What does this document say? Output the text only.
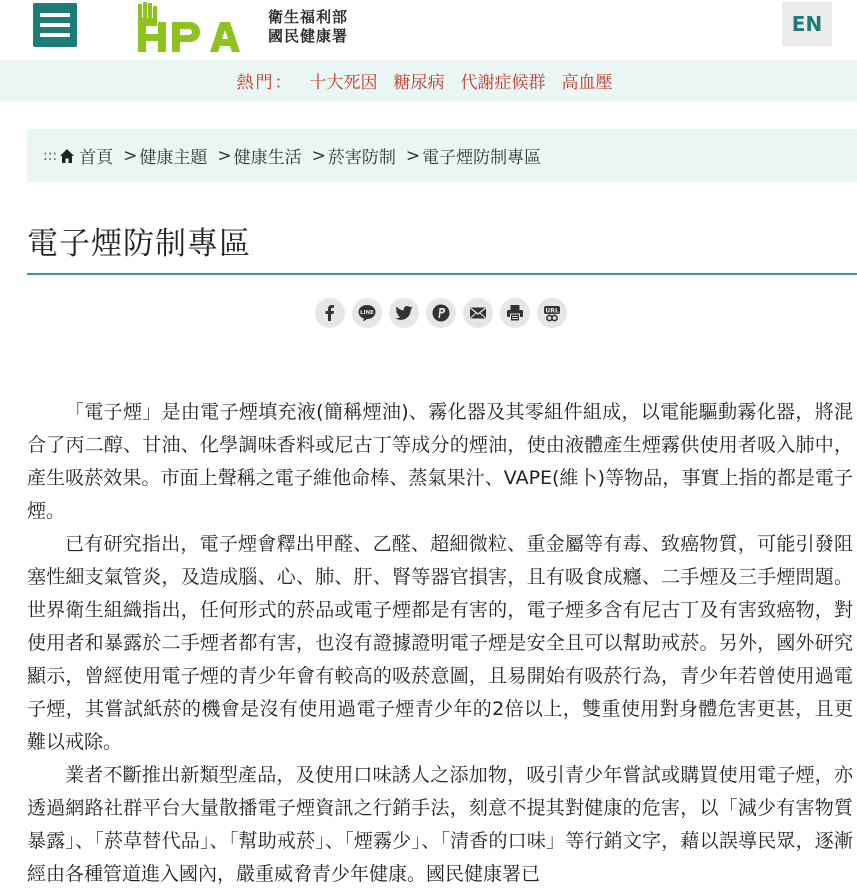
衛生福利部
國民健康署	EN
熱門： 十大死因 糖尿病 代謝症候群 高血壓
::: 首頁 > 健康主題 > 健康生活 > 菸害防制 > 電子煙防制專區
電子煙防制專區
LINE	URL

「電子煙」是由電子煙填充液(簡稱煙油)、霧化器及其零組件組成，以電能驅動霧化器，將混合了丙二醇、甘油、化學調味香料或尼古丁等成分的煙油，使由液體產生煙霧供使用者吸入肺中，產生吸菸效果。市面上聲稱之電子維他命棒、蒸氣果汁、VAPE(維卜)等物品，事實上指的都是電子煙。

已有研究指出，電子煙會釋出甲醛、乙醛、超細微粒、重金屬等有毒、致癌物質，可能引發阻塞性細支氣管炎，及造成腦、心、肺、肝、腎等器官損害，且有吸食成癮、二手煙及三手煙問題。世界衛生組織指出，任何形式的菸品或電子煙都是有害的，電子煙多含有尼古丁及有害致癌物，對使用者和暴露於二手煙者都有害，也沒有證據證明電子煙是安全且可以幫助戒菸。另外，國外研究顯示，曾經使用電子煙的青少年會有較高的吸菸意圖，且易開始有吸菸行為，青少年若曾使用過電子煙，其嘗試紙菸的機會是沒有使用過電子煙青少年的2倍以上，雙重使用對身體危害更甚，且更難以戒除。

業者不斷推出新類型產品，及使用口味誘人之添加物，吸引青少年嘗試或購買使用電子煙，亦透過網路社群平台大量散播電子煙資訊之行銷手法，刻意不提其對健康的危害，以「減少有害物質暴露」、「菸草替代品」、「幫助戒菸」、「煙霧少」、「清香的口味」等行銷文字，藉以誤導民眾，逐漸經由各種管道進入國內，嚴重威脅青少年健康。國民健康署已
